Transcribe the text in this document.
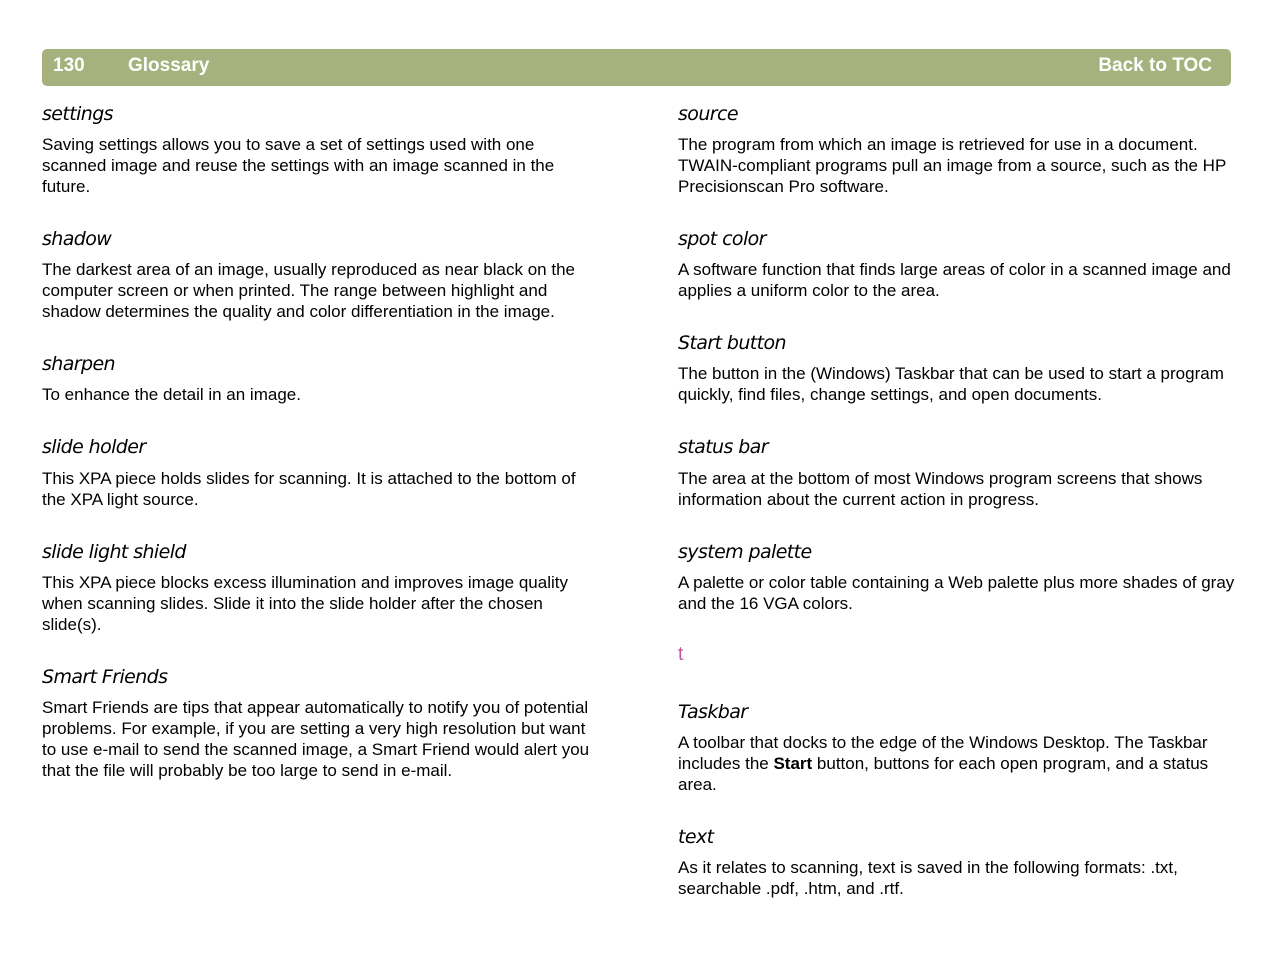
130 Glossary	Back to TOC

settings

Saving settings allows you to save a set of settings used with one scanned image and reuse the settings with an image scanned in the future.

shadow

The darkest area of an image, usually reproduced as near black on the computer screen or when printed. The range between highlight and shadow determines the quality and color differentiation in the image.

sharpen

To enhance the detail in an image.

slide holder

This XPA piece holds slides for scanning. It is attached to the bottom of the XPA light source.

slide light shield

This XPA piece blocks excess illumination and improves image quality when scanning slides. Slide it into the slide holder after the chosen slide(s).

Smart Friends

Smart Friends are tips that appear automatically to notify you of potential problems. For example, if you are setting a very high resolution but want to use e-mail to send the scanned image, a Smart Friend would alert you that the file will probably be too large to send in e-mail.

source

The program from which an image is retrieved for use in a document. TWAIN-compliant programs pull an image from a source, such as the HP Precisionscan Pro software.

spot color

A software function that finds large areas of color in a scanned image and applies a uniform color to the area.

Start button

The button in the (Windows) Taskbar that can be used to start a program quickly, find files, change settings, and open documents.

status bar

The area at the bottom of most Windows program screens that shows information about the current action in progress.

system palette

A palette or color table containing a Web palette plus more shades of gray and the 16 VGA colors.

t

Taskbar

A toolbar that docks to the edge of the Windows Desktop. The Taskbar includes the Start button, buttons for each open program, and a status area.

text

As it relates to scanning, text is saved in the following formats: .txt, searchable .pdf, .htm, and .rtf.
